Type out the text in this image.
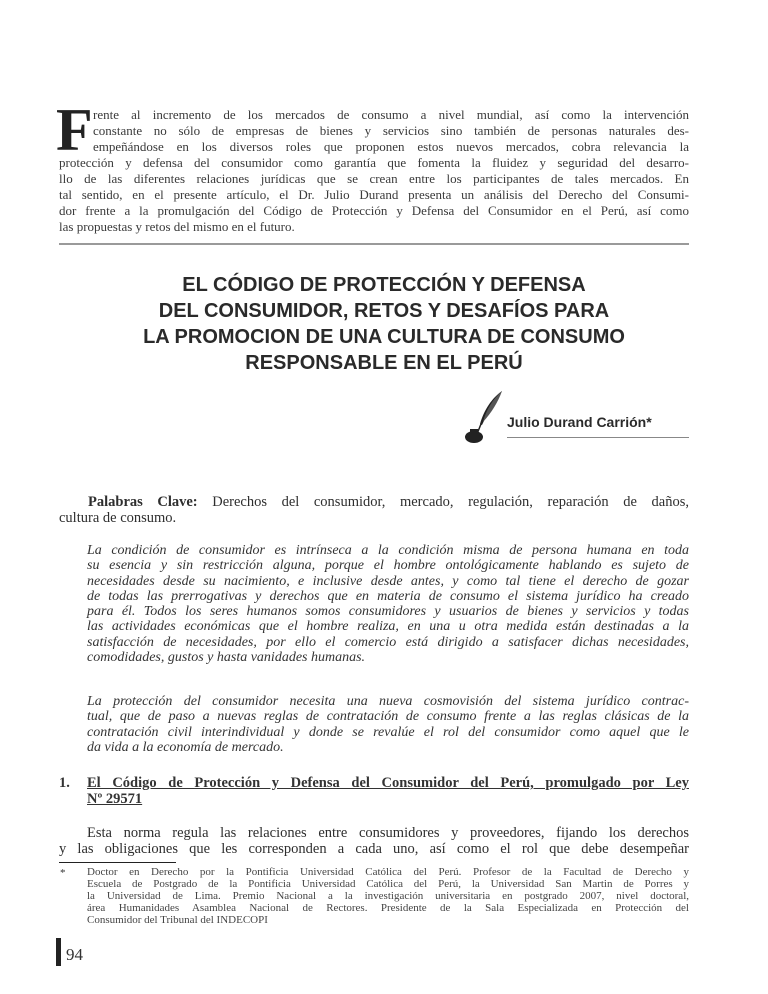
F rente al incremento de los mercados de consumo a nivel mundial, así como la intervención
constante no sólo de empresas de bienes y servicios sino también de personas naturales des-
empeñándose en los diversos roles que proponen estos nuevos mercados, cobra relevancia la
protección y defensa del consumidor como garantía que fomenta la fluidez y seguridad del desarro-
llo de las diferentes relaciones jurídicas que se crean entre los participantes de tales mercados. En
tal sentido, en el presente artículo, el Dr. Julio Durand presenta un análisis del Derecho del Consumi-
dor frente a la promulgación del Código de Protección y Defensa del Consumidor en el Perú, así como
las propuestas y retos del mismo en el futuro.
EL CÓDIGO DE PROTECCIÓN Y DEFENSA
DEL CONSUMIDOR, RETOS Y DESAFÍOS PARA
LA PROMOCION DE UNA CULTURA DE CONSUMO
RESPONSABLE EN EL PERÚ
Julio Durand Carrión*
Palabras Clave: Derechos del consumidor, mercado, regulación, reparación de daños,
cultura de consumo.
La condición de consumidor es intrínseca a la condición misma de persona humana en toda
su esencia y sin restricción alguna, porque el hombre ontológicamente hablando es sujeto de
necesidades desde su nacimiento, e inclusive desde antes, y como tal tiene el derecho de gozar
de todas las prerrogativas y derechos que en materia de consumo el sistema jurídico ha creado
para él. Todos los seres humanos somos consumidores y usuarios de bienes y servicios y todas
las actividades económicas que el hombre realiza, en una u otra medida están destinadas a la
satisfacción de necesidades, por ello el comercio está dirigido a satisfacer dichas necesidades,
comodidades, gustos y hasta vanidades humanas.
La protección del consumidor necesita una nueva cosmovisión del sistema jurídico contrac-
tual, que de paso a nuevas reglas de contratación de consumo frente a las reglas clásicas de la
contratación civil interindividual y donde se revalúe el rol del consumidor como aquel que le
da vida a la economía de mercado.
1. El Código de Protección y Defensa del Consumidor del Perú, promulgado por Ley
Nº 29571
Esta norma regula las relaciones entre consumidores y proveedores, fijando los derechos
y las obligaciones que les corresponden a cada uno, así como el rol que debe desempeñar
* Doctor en Derecho por la Pontificia Universidad Católica del Perú. Profesor de la Facultad de Derecho y
Escuela de Postgrado de la Pontificia Universidad Católica del Perú, la Universidad San Martin de Porres y
la Universidad de Lima. Premio Nacional a la investigación universitaria en postgrado 2007, nivel doctoral,
área Humanidades Asamblea Nacional de Rectores. Presidente de la Sala Especializada en Protección del
Consumidor del Tribunal del INDECOPI
94
